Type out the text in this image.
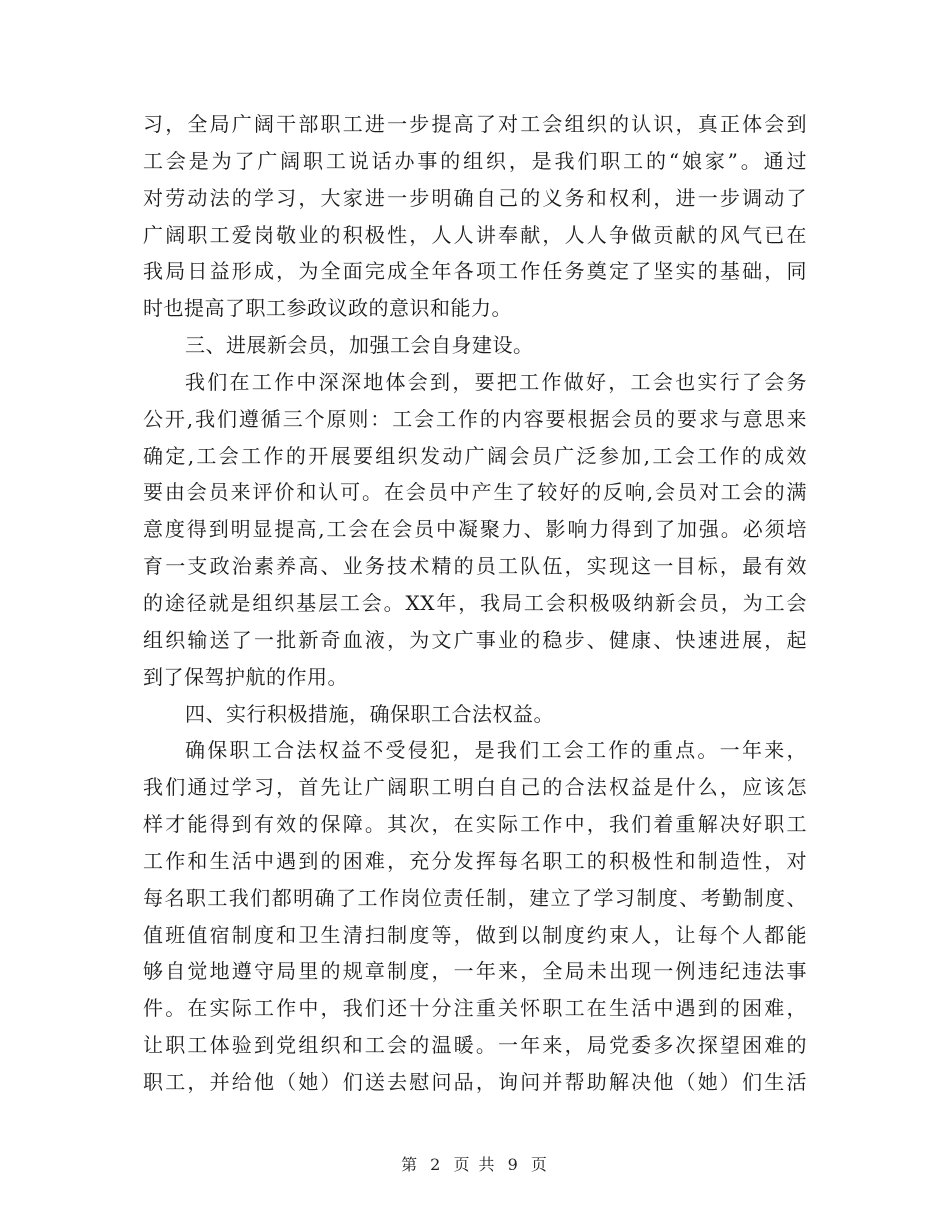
习，全局广阔干部职工进一步提高了对工会组织的认识，真正体会到
工会是为了广阔职工说话办事的组织，是我们职工的“娘家”。通过
对劳动法的学习，大家进一步明确自己的义务和权利，进一步调动了
广阔职工爱岗敬业的积极性，人人讲奉献，人人争做贡献的风气已在
我局日益形成，为全面完成全年各项工作任务奠定了坚实的基础，同
时也提高了职工参政议政的意识和能力。
三、进展新会员，加强工会自身建设。
我们在工作中深深地体会到，要把工作做好，工会也实行了会务
公开,我们遵循三个原则：工会工作的内容要根据会员的要求与意思来
确定,工会工作的开展要组织发动广阔会员广泛参加,工会工作的成效
要由会员来评价和认可。在会员中产生了较好的反响,会员对工会的满
意度得到明显提高,工会在会员中凝聚力、影响力得到了加强。必须培
育一支政治素养高、业务技术精的员工队伍，实现这一目标，最有效
的途径就是组织基层工会。XX年，我局工会积极吸纳新会员，为工会
组织输送了一批新奇血液，为文广事业的稳步、健康、快速进展，起
到了保驾护航的作用。
四、实行积极措施，确保职工合法权益。
确保职工合法权益不受侵犯，是我们工会工作的重点。一年来，
我们通过学习，首先让广阔职工明白自己的合法权益是什么，应该怎
样才能得到有效的保障。其次，在实际工作中，我们着重解决好职工
工作和生活中遇到的困难，充分发挥每名职工的积极性和制造性，对
每名职工我们都明确了工作岗位责任制，建立了学习制度、考勤制度、
值班值宿制度和卫生清扫制度等，做到以制度约束人，让每个人都能
够自觉地遵守局里的规章制度，一年来，全局未出现一例违纪违法事
件。在实际工作中，我们还十分注重关怀职工在生活中遇到的困难，
让职工体验到党组织和工会的温暖。一年来，局党委多次探望困难的
职工，并给他（她）们送去慰问品，询问并帮助解决他（她）们生活
第 2 页 共 9 页
